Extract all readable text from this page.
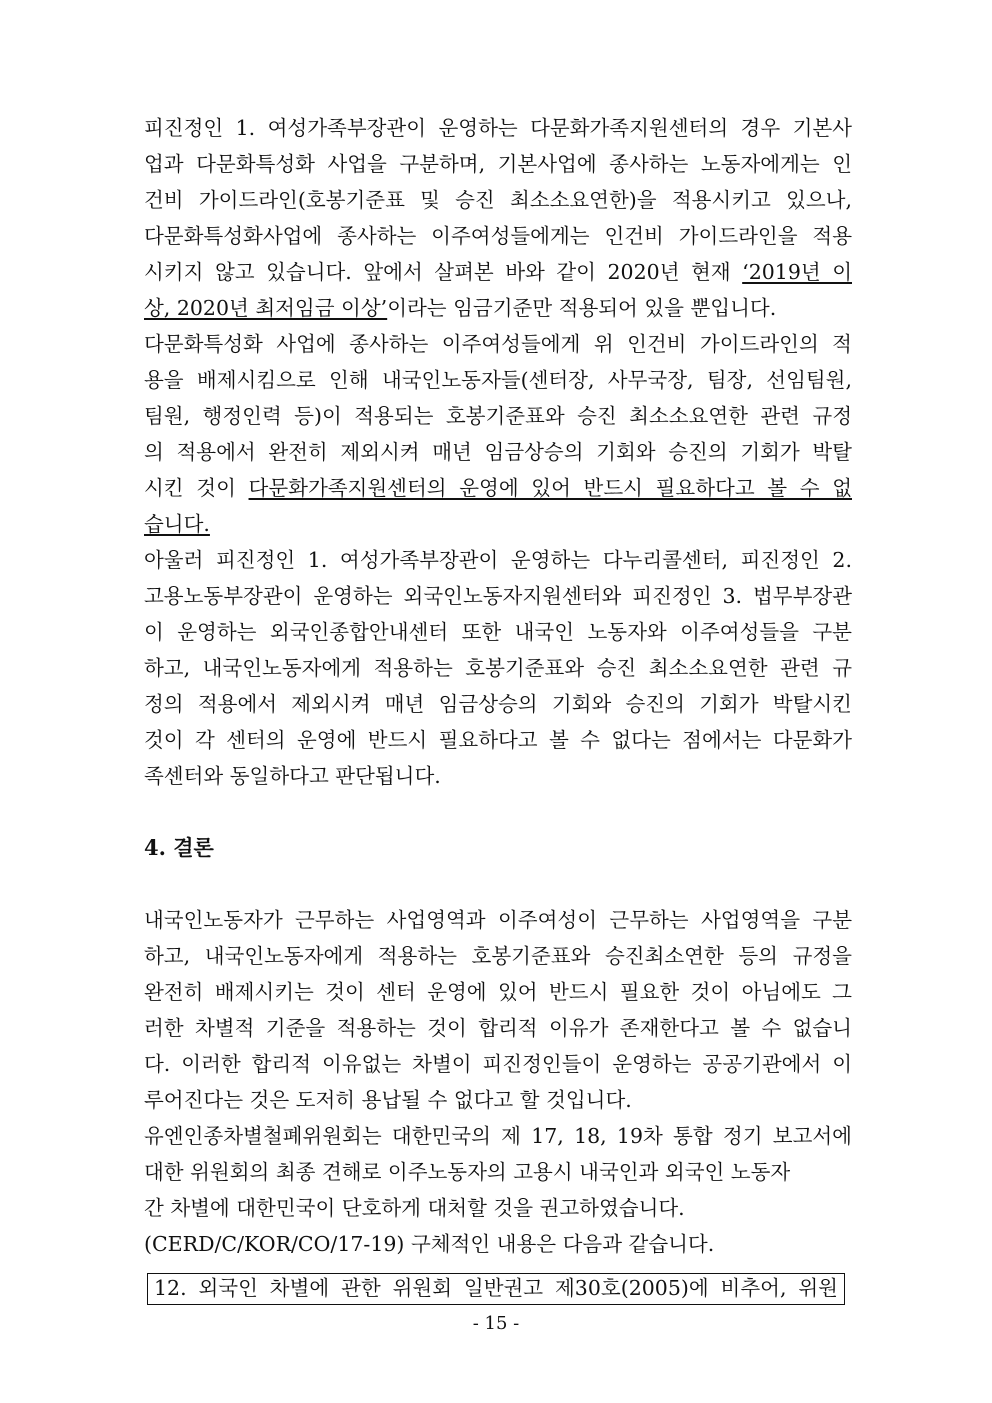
피진정인 1. 여성가족부장관이 운영하는 다문화가족지원센터의 경우 기본사
업과 다문화특성화 사업을 구분하며, 기본사업에 종사하는 노동자에게는 인
건비 가이드라인(호봉기준표 및 승진 최소소요연한)을 적용시키고 있으나,
다문화특성화사업에 종사하는 이주여성들에게는 인건비 가이드라인을 적용
시키지 않고 있습니다. 앞에서 살펴본 바와 같이 2020년 현재 ‘2019년 이
상, 2020년 최저임금 이상’이라는 임금기준만 적용되어 있을 뿐입니다.
다문화특성화 사업에 종사하는 이주여성들에게 위 인건비 가이드라인의 적
용을 배제시킴으로 인해 내국인노동자들(센터장, 사무국장, 팀장, 선임팀원,
팀원, 행정인력 등)이 적용되는 호봉기준표와 승진 최소소요연한 관련 규정
의 적용에서 완전히 제외시켜 매년 임금상승의 기회와 승진의 기회가 박탈
시킨 것이 다문화가족지원센터의 운영에 있어 반드시 필요하다고 볼 수 없
습니다.
아울러 피진정인 1. 여성가족부장관이 운영하는 다누리콜센터, 피진정인 2.
고용노동부장관이 운영하는 외국인노동자지원센터와 피진정인 3. 법무부장관
이 운영하는 외국인종합안내센터 또한 내국인 노동자와 이주여성들을 구분
하고, 내국인노동자에게 적용하는 호봉기준표와 승진 최소소요연한 관련 규
정의 적용에서 제외시켜 매년 임금상승의 기회와 승진의 기회가 박탈시킨
것이 각 센터의 운영에 반드시 필요하다고 볼 수 없다는 점에서는 다문화가
족센터와 동일하다고 판단됩니다.
4. 결론
내국인노동자가 근무하는 사업영역과 이주여성이 근무하는 사업영역을 구분
하고, 내국인노동자에게 적용하는 호봉기준표와 승진최소연한 등의 규정을
완전히 배제시키는 것이 센터 운영에 있어 반드시 필요한 것이 아님에도 그
러한 차별적 기준을 적용하는 것이 합리적 이유가 존재한다고 볼 수 없습니
다. 이러한 합리적 이유없는 차별이 피진정인들이 운영하는 공공기관에서 이
루어진다는 것은 도저히 용납될 수 없다고 할 것입니다.
유엔인종차별철폐위원회는 대한민국의 제 17, 18, 19차 통합 정기 보고서에
대한 위원회의 최종 견해로 이주노동자의 고용시 내국인과 외국인 노동자
간 차별에 대한민국이 단호하게 대처할 것을 권고하였습니다.
(CERD/C/KOR/CO/17-19) 구체적인 내용은 다음과 같습니다.
12. 외국인 차별에 관한 위원회 일반권고 제30호(2005)에 비추어, 위원
- 15 -
